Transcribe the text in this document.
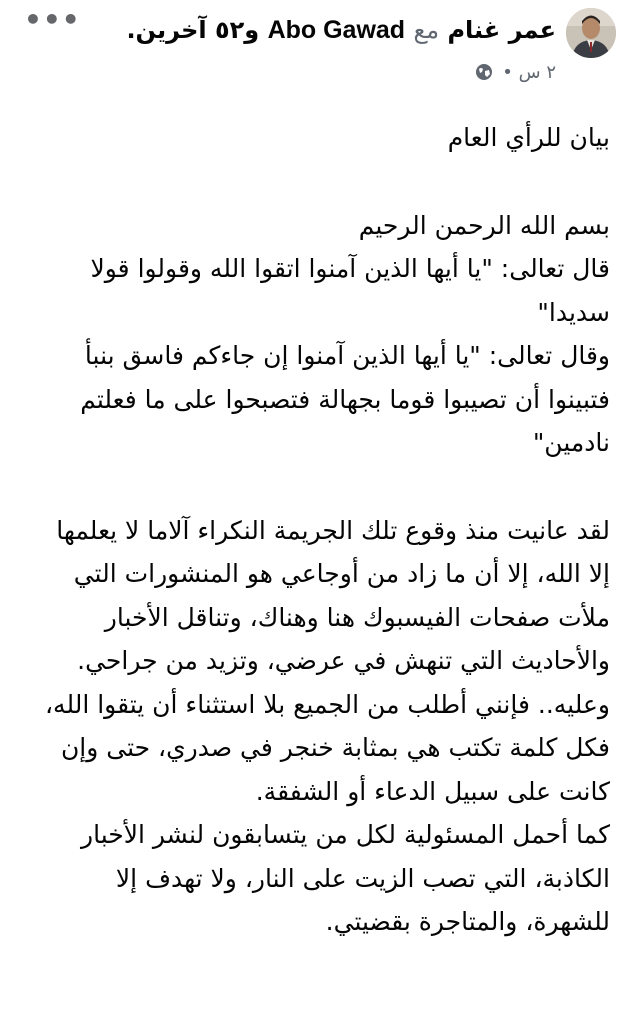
•••	عمر غنام مع Abo Gawad و٥٢ آخرين.
٢ س •

بيان للرأي العام

بسم الله الرحمن الرحيم

قال تعالى: "يا أيها الذين آمنوا اتقوا الله وقولوا قولا سديدا"

وقال تعالى: "يا أيها الذين آمنوا إن جاءكم فاسق بنبأ فتبينوا أن تصيبوا قوما بجهالة فتصبحوا على ما فعلتم نادمين"

لقد عانيت منذ وقوع تلك الجريمة النكراء آلاما لا يعلمها إلا الله، إلا أن ما زاد من أوجاعي هو المنشورات التي ملأت صفحات الفيسبوك هنا وهناك، وتناقل الأخبار والأحاديث التي تنهش في عرضي، وتزيد من جراحي.

وعليه.. فإنني أطلب من الجميع بلا استثناء أن يتقوا الله، فكل كلمة تكتب هي بمثابة خنجر في صدري، حتى وإن كانت على سبيل الدعاء أو الشفقة.

كما أحمل المسئولية لكل من يتسابقون لنشر الأخبار الكاذبة، التي تصب الزيت على النار، ولا تهدف إلا للشهرة، والمتاجرة بقضيتي.
